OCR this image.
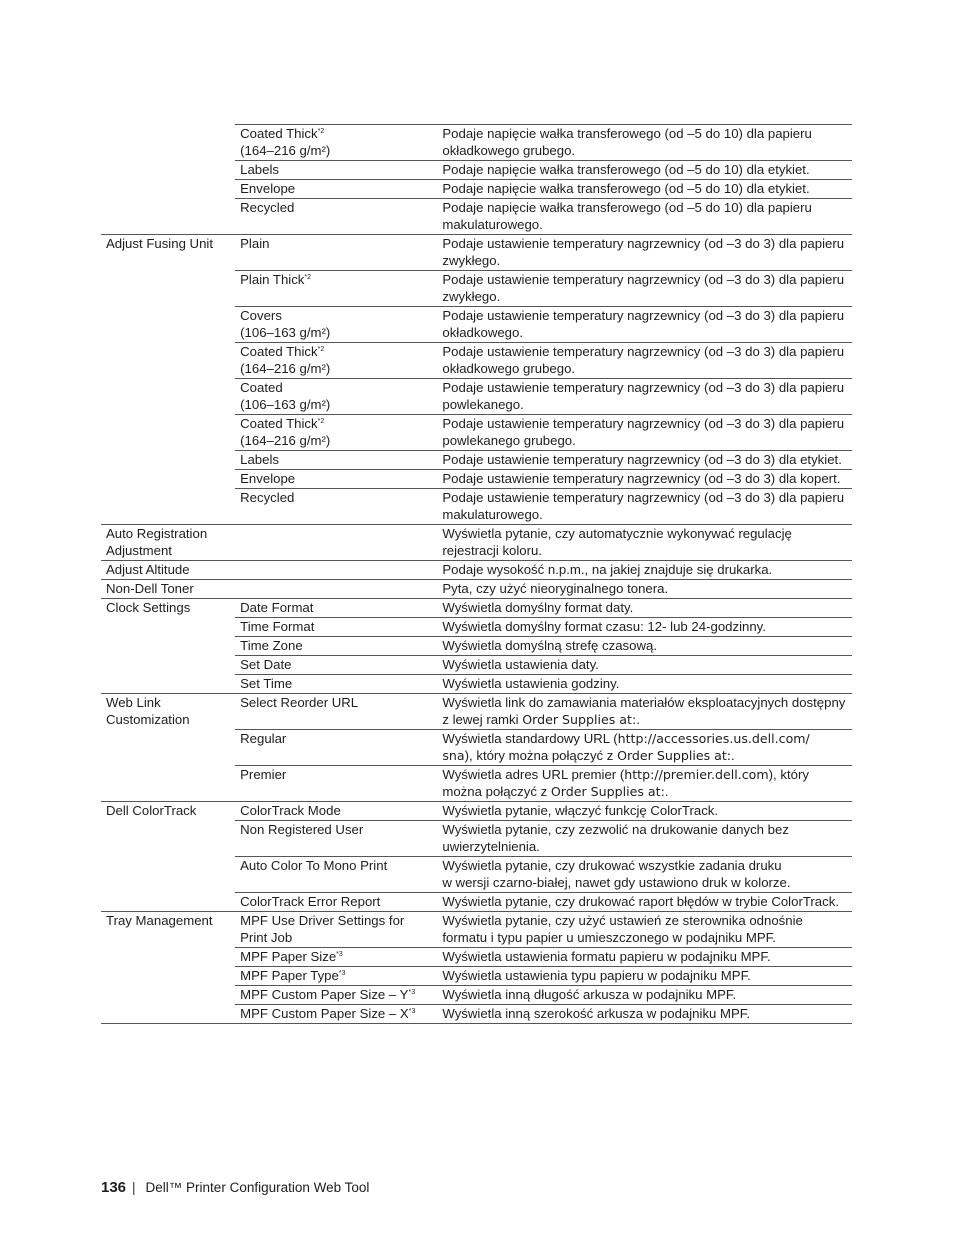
	Coated Thick$^{*2}$
(164–216 g/m²)	Podaje napięcie wałka transferowego (od –5 do 10) dla papieru okładkowego grubego.
	Labels	Podaje napięcie wałka transferowego (od –5 do 10) dla etykiet.
	Envelope	Podaje napięcie wałka transferowego (od –5 do 10) dla etykiet.
	Recycled	Podaje napięcie wałka transferowego (od –5 do 10) dla papieru makulaturowego.
Adjust Fusing Unit	Plain	Podaje ustawienie temperatury nagrzewnicy (od –3 do 3) dla papieru zwykłego.
	Plain Thick$^{*2}$	Podaje ustawienie temperatury nagrzewnicy (od –3 do 3) dla papieru zwykłego.
	Covers
(106–163 g/m²)	Podaje ustawienie temperatury nagrzewnicy (od –3 do 3) dla papieru okładkowego.
	Coated Thick$^{*2}$
(164–216 g/m²)	Podaje ustawienie temperatury nagrzewnicy (od –3 do 3) dla papieru okładkowego grubego.
	Coated
(106–163 g/m²)	Podaje ustawienie temperatury nagrzewnicy (od –3 do 3) dla papieru powlekanego.
	Coated Thick$^{*2}$
(164–216 g/m²)	Podaje ustawienie temperatury nagrzewnicy (od –3 do 3) dla papieru powlekanego grubego.
	Labels	Podaje ustawienie temperatury nagrzewnicy (od –3 do 3) dla etykiet.
	Envelope	Podaje ustawienie temperatury nagrzewnicy (od –3 do 3) dla kopert.
	Recycled	Podaje ustawienie temperatury nagrzewnicy (od –3 do 3) dla papieru makulaturowego.
Auto Registration Adjustment		Wyświetla pytanie, czy automatycznie wykonywać regulację rejestracji koloru.
Adjust Altitude		Podaje wysokość n.p.m., na jakiej znajduje się drukarka.
Non-Dell Toner		Pyta, czy użyć nieoryginalnego tonera.
Clock Settings	Date Format	Wyświetla domyślny format daty.
	Time Format	Wyświetla domyślny format czasu: 12- lub 24-godzinny.
	Time Zone	Wyświetla domyślną strefę czasową.
	Set Date	Wyświetla ustawienia daty.
	Set Time	Wyświetla ustawienia godziny.
Web Link
Customization	Select Reorder URL	Wyświetla link do zamawiania materiałów eksploatacyjnych dostępny z lewej ramki Order Supplies at:.
	Regular	Wyświetla standardowy URL (http://accessories.us.dell.com/
sna), który można połączyć z Order Supplies at:.
	Premier	Wyświetla adres URL premier (http://premier.dell.com), który można połączyć z Order Supplies at:.
Dell ColorTrack	ColorTrack Mode	Wyświetla pytanie, włączyć funkcję ColorTrack.
	Non Registered User	Wyświetla pytanie, czy zezwolić na drukowanie danych bez uwierzytelnienia.
	Auto Color To Mono Print	Wyświetla pytanie, czy drukować wszystkie zadania druku
w wersji czarno-białej, nawet gdy ustawiono druk w kolorze.
	ColorTrack Error Report	Wyświetla pytanie, czy drukować raport błędów w trybie ColorTrack.
Tray Management	MPF Use Driver Settings for Print Job	Wyświetla pytanie, czy użyć ustawień ze sterownika odnośnie formatu i typu papier u umieszczonego w podajniku MPF.
	MPF Paper Size$^{*3}$	Wyświetla ustawienia formatu papieru w podajniku MPF.
	MPF Paper Type$^{*3}$	Wyświetla ustawienia typu papieru w podajniku MPF.
	MPF Custom Paper Size – $Y^{*3}$	Wyświetla inną długość arkusza w podajniku MPF.
	MPF Custom Paper Size – $X^{*3}$	Wyświetla inną szerokość arkusza w podajniku MPF.
136 | Dell™ Printer Configuration Web Tool
